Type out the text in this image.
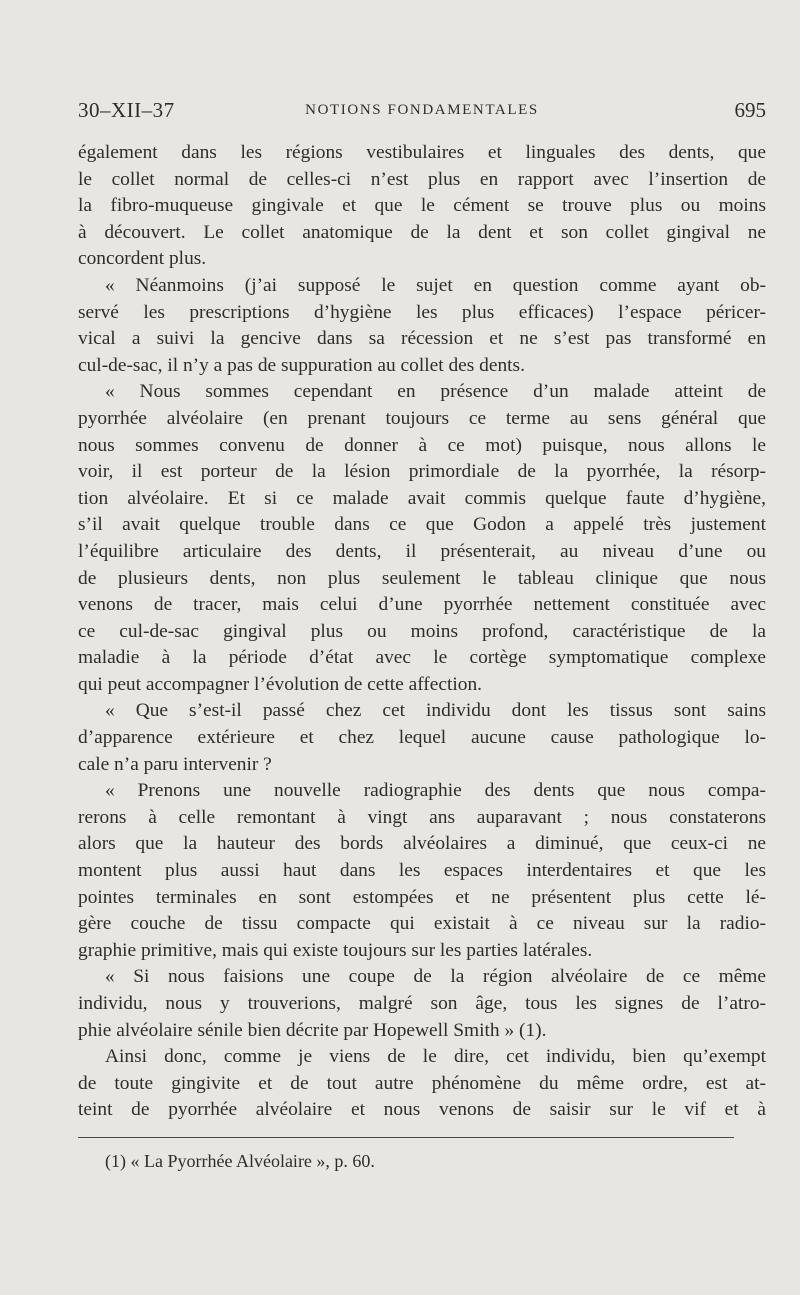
30–XII–37	NOTIONS FONDAMENTALES	695
également dans les régions vestibulaires et linguales des dents, que
le collet normal de celles-ci n’est plus en rapport avec l’insertion de
la fibro-muqueuse gingivale et que le cément se trouve plus ou moins
à découvert. Le collet anatomique de la dent et son collet gingival ne
concordent plus.
« Néanmoins (j’ai supposé le sujet en question comme ayant ob-
servé les prescriptions d’hygiène les plus efficaces) l’espace péricer-
vical a suivi la gencive dans sa récession et ne s’est pas transformé en
cul-de-sac, il n’y a pas de suppuration au collet des dents.
« Nous sommes cependant en présence d’un malade atteint de
pyorrhée alvéolaire (en prenant toujours ce terme au sens général que
nous sommes convenu de donner à ce mot) puisque, nous allons le
voir, il est porteur de la lésion primordiale de la pyorrhée, la résorp-
tion alvéolaire. Et si ce malade avait commis quelque faute d’hygiène,
s’il avait quelque trouble dans ce que Godon a appelé très justement
l’équilibre articulaire des dents, il présenterait, au niveau d’une ou
de plusieurs dents, non plus seulement le tableau clinique que nous
venons de tracer, mais celui d’une pyorrhée nettement constituée avec
ce cul-de-sac gingival plus ou moins profond, caractéristique de la
maladie à la période d’état avec le cortège symptomatique complexe
qui peut accompagner l’évolution de cette affection.
« Que s’est-il passé chez cet individu dont les tissus sont sains
d’apparence extérieure et chez lequel aucune cause pathologique lo-
cale n’a paru intervenir ?
« Prenons une nouvelle radiographie des dents que nous compa-
rerons à celle remontant à vingt ans auparavant ; nous constaterons
alors que la hauteur des bords alvéolaires a diminué, que ceux-ci ne
montent plus aussi haut dans les espaces interdentaires et que les
pointes terminales en sont estompées et ne présentent plus cette lé-
gère couche de tissu compacte qui existait à ce niveau sur la radio-
graphie primitive, mais qui existe toujours sur les parties latérales.
« Si nous faisions une coupe de la région alvéolaire de ce même
individu, nous y trouverions, malgré son âge, tous les signes de l’atro-
phie alvéolaire sénile bien décrite par Hopewell Smith » (1).
Ainsi donc, comme je viens de le dire, cet individu, bien qu’exempt
de toute gingivite et de tout autre phénomène du même ordre, est at-
teint de pyorrhée alvéolaire et nous venons de saisir sur le vif et à
(1) « La Pyorrhée Alvéolaire », p. 60.
